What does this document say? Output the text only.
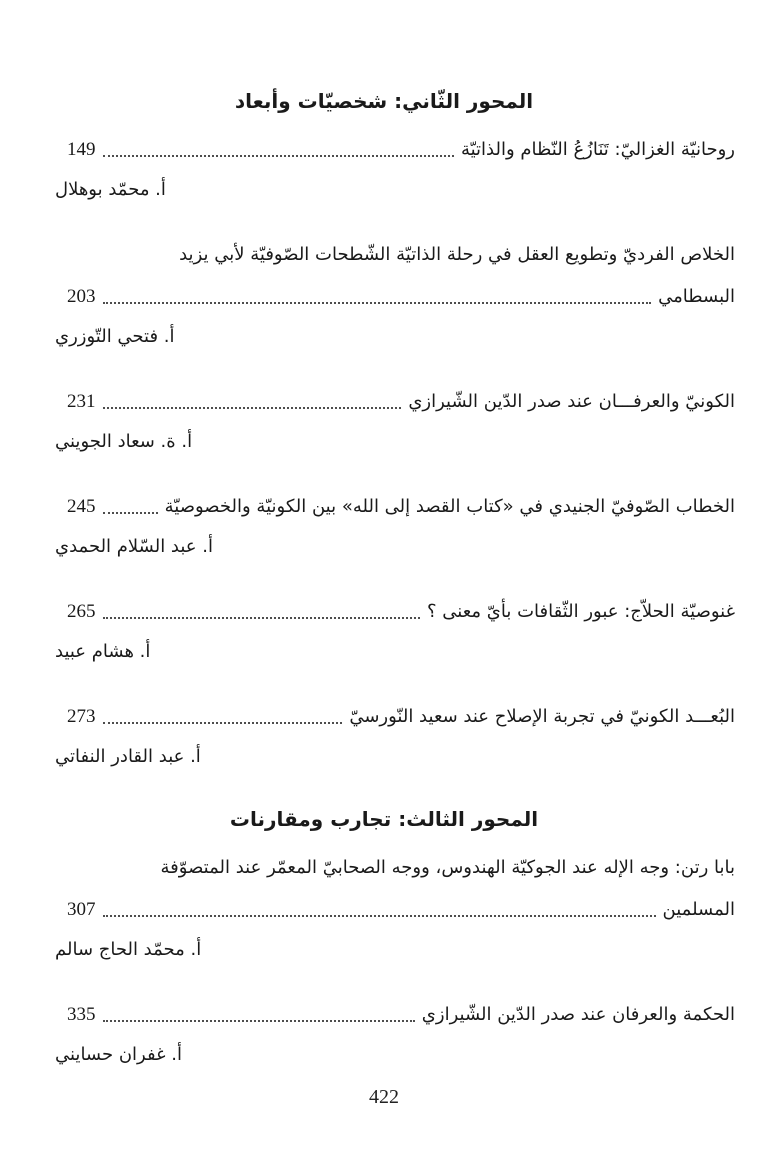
المحور الثّاني: شخصيّات وأبعاد
روحانيّة الغزاليّ: تَنَازُعُ النّظام والذاتيّة
149
أ. محمّد بوهلال
الخلاص الفرديّ وتطويع العقل في رحلة الذاتيّة الشّطحات الصّوفيّة لأبي يزيد
البسطامي
203
أ. فتحي التّوزري
الكونيّ والعرفـــان عند صدر الدّين الشّيرازي
231
أ. ة. سعاد الجويني
الخطاب الصّوفيّ الجنيدي في «كتاب القصد إلى الله» بين الكونيّة والخصوصيّة
245
أ. عبد السّلام الحمدي
غنوصيّة الحلاّج: عبور الثّقافات بأيّ معنى ؟
265
أ. هشام عبيد
البُعـــد الكونيّ في تجربة الإصلاح عند سعيد النّورسيّ
273
أ. عبد القادر النفاتي
المحور الثالث: تجارب ومقارنات
بابا رتن: وجه الإله عند الجوكيّة الهندوس، ووجه الصحابيّ المعمّر عند المتصوّفة
المسلمين
307
أ. محمّد الحاج سالم
الحكمة والعرفان عند صدر الدّين الشّيرازي
335
أ. غفران حسايني
422
